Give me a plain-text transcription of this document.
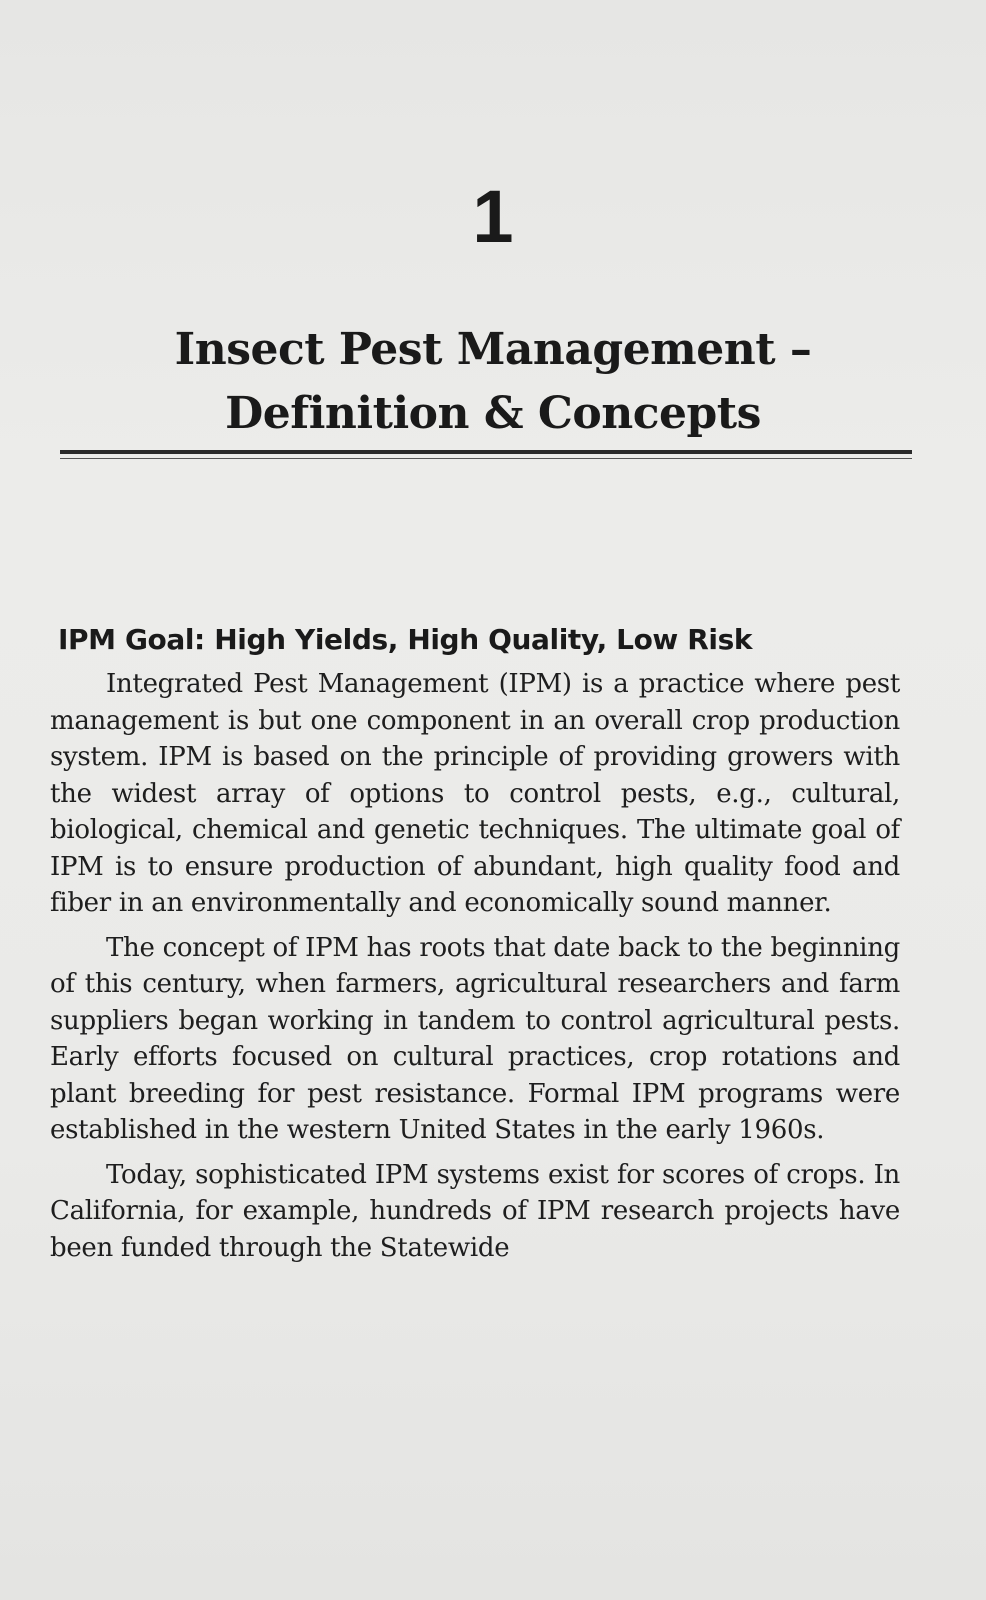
1
Insect Pest Management –
Definition & Concepts
IPM Goal: High Yields, High Quality, Low Risk

Integrated Pest Management (IPM) is a practice where pest management is but one component in an overall crop production system. IPM is based on the principle of providing growers with the widest array of options to control pests, e.g., cultural, biological, chemical and genetic techniques. The ultimate goal of IPM is to ensure production of abundant, high quality food and fiber in an environmentally and economically sound manner.

The concept of IPM has roots that date back to the beginning of this century, when farmers, agricultural researchers and farm suppliers began working in tandem to control agricultural pests. Early efforts focused on cultural practices, crop rotations and plant breeding for pest resistance. Formal IPM programs were established in the western United States in the early 1960s.

Today, sophisticated IPM systems exist for scores of crops. In California, for example, hundreds of IPM research projects have been funded through the Statewide
